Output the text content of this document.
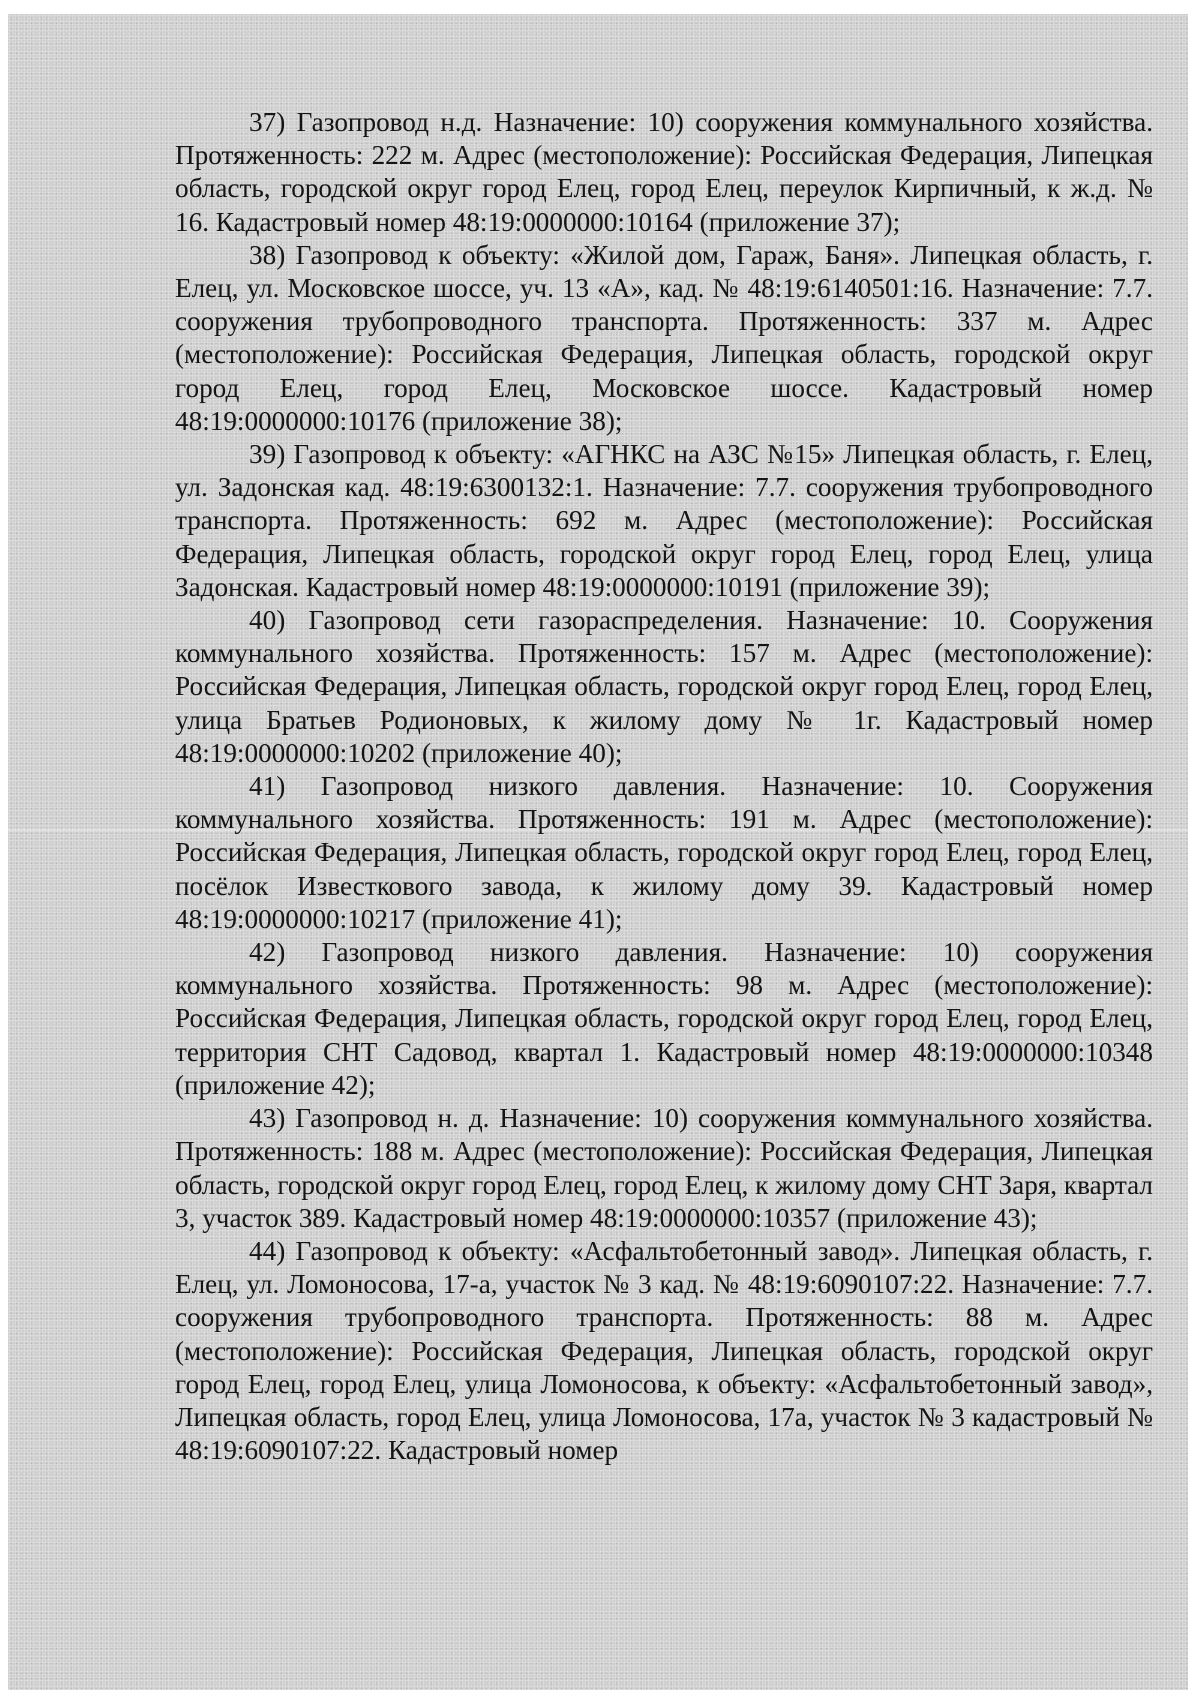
37) Газопровод н.д. Назначение: 10) сооружения коммунального хозяйства. Протяженность: 222 м. Адрес (местоположение): Российская Федерация, Липецкая область, городской округ город Елец, город Елец, переулок Кирпичный, к ж.д. № 16. Кадастровый номер 48:19:0000000:10164 (приложение 37);

38) Газопровод к объекту: «Жилой дом, Гараж, Баня». Липецкая область, г. Елец, ул. Московское шоссе, уч. 13 «А», кад. № 48:19:6140501:16. Назначение: 7.7. сооружения трубопроводного транспорта. Протяженность: 337 м. Адрес (местоположение): Российская Федерация, Липецкая область, городской округ город Елец, город Елец, Московское шоссе. Кадастровый номер 48:19:0000000:10176 (приложение 38);

39) Газопровод к объекту: «АГНКС на АЗС №15» Липецкая область, г. Елец, ул. Задонская кад. 48:19:6300132:1. Назначение: 7.7. сооружения трубопроводного транспорта. Протяженность: 692 м. Адрес (местоположение): Российская Федерация, Липецкая область, городской округ город Елец, город Елец, улица Задонская. Кадастровый номер 48:19:0000000:10191 (приложение 39);

40) Газопровод сети газораспределения. Назначение: 10. Сооружения коммунального хозяйства. Протяженность: 157 м. Адрес (местоположение): Российская Федерация, Липецкая область, городской округ город Елец, город Елец, улица Братьев Родионовых, к жилому дому № 1г. Кадастровый номер 48:19:0000000:10202 (приложение 40);

41) Газопровод низкого давления. Назначение: 10. Сооружения коммунального хозяйства. Протяженность: 191 м. Адрес (местоположение): Российская Федерация, Липецкая область, городской округ город Елец, город Елец, посёлок Известкового завода, к жилому дому 39. Кадастровый номер 48:19:0000000:10217 (приложение 41);

42) Газопровод низкого давления. Назначение: 10) сооружения коммунального хозяйства. Протяженность: 98 м. Адрес (местоположение): Российская Федерация, Липецкая область, городской округ город Елец, город Елец, территория СНТ Садовод, квартал 1. Кадастровый номер 48:19:0000000:10348 (приложение 42);

43) Газопровод н. д. Назначение: 10) сооружения коммунального хозяйства. Протяженность: 188 м. Адрес (местоположение): Российская Федерация, Липецкая область, городской округ город Елец, город Елец, к жилому дому СНТ Заря, квартал 3, участок 389. Кадастровый номер 48:19:0000000:10357 (приложение 43);

44) Газопровод к объекту: «Асфальтобетонный завод». Липецкая область, г. Елец, ул. Ломоносова, 17-а, участок № 3 кад. № 48:19:6090107:22. Назначение: 7.7. сооружения трубопроводного транспорта. Протяженность: 88 м. Адрес (местоположение): Российская Федерация, Липецкая область, городской округ город Елец, город Елец, улица Ломоносова, к объекту: «Асфальтобетонный завод», Липецкая область, город Елец, улица Ломоносова, 17а, участок № 3 кадастровый № 48:19:6090107:22. Кадастровый номер
